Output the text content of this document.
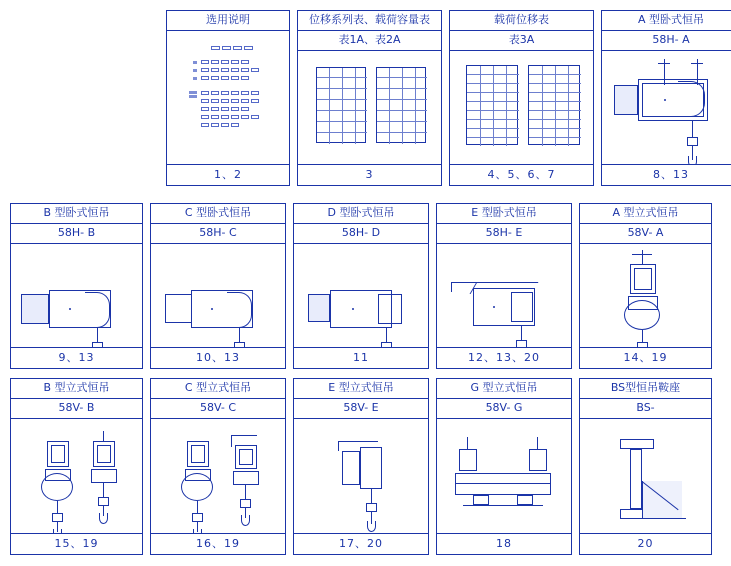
选用说明
1、2
位移系列表、载荷容量表
表1A、表2A
3
载荷位移表
表3A
4、5、6、7
A 型卧式恒吊
58H- A
8、13
B 型卧式恒吊
58H- B
9、13
C 型卧式恒吊
58H- C
10、13
D 型卧式恒吊
58H- D
11
E 型卧式恒吊
58H- E
12、13、20
A 型立式恒吊
58V- A
14、19
B 型立式恒吊
58V- B
15、19
C 型立式恒吊
58V- C
16、19
E 型立式恒吊
58V- E
17、20
G 型立式恒吊
58V- G
18
BS型恒吊鞍座
BS-
20
